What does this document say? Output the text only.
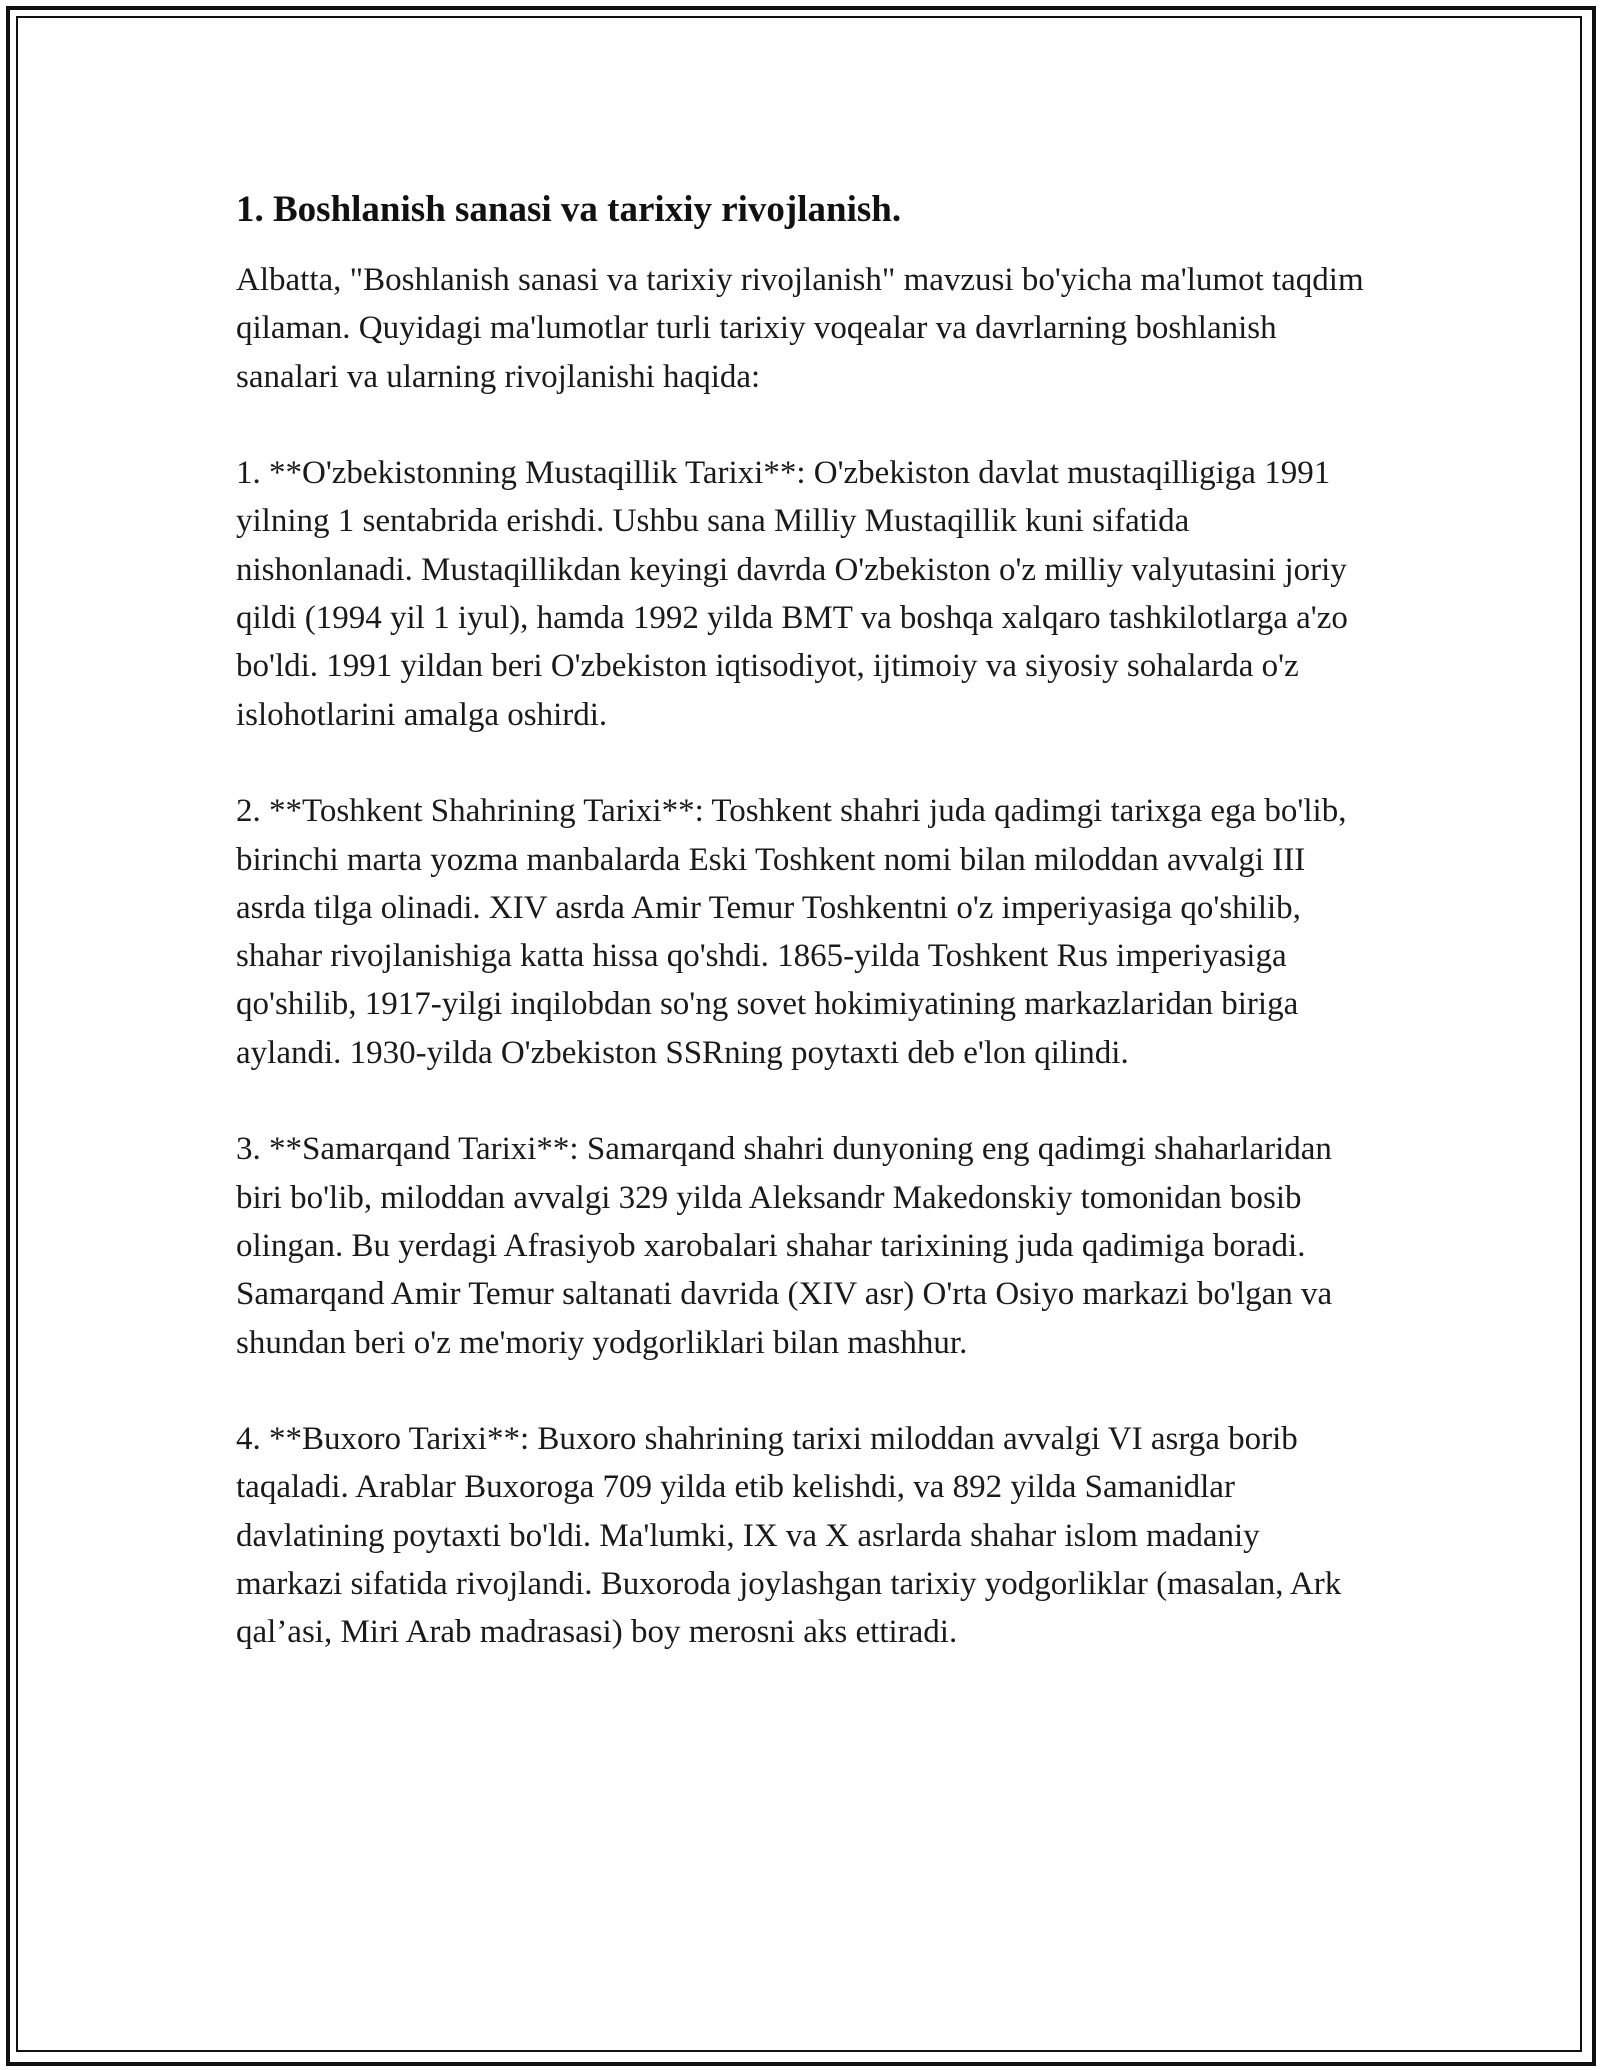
1. Boshlanish sanasi va tarixiy rivojlanish.

Albatta, "Boshlanish sanasi va tarixiy rivojlanish" mavzusi bo'yicha ma'lumot taqdim qilaman. Quyidagi ma'lumotlar turli tarixiy voqealar va davrlarning boshlanish sanalari va ularning rivojlanishi haqida:

1. **O'zbekistonning Mustaqillik Tarixi**: O'zbekiston davlat mustaqilligiga 1991 yilning 1 sentabrida erishdi. Ushbu sana Milliy Mustaqillik kuni sifatida nishonlanadi. Mustaqillikdan keyingi davrda O'zbekiston o'z milliy valyutasini joriy qildi (1994 yil 1 iyul), hamda 1992 yilda BMT va boshqa xalqaro tashkilotlarga a'zo bo'ldi. 1991 yildan beri O'zbekiston iqtisodiyot, ijtimoiy va siyosiy sohalarda o'z islohotlarini amalga oshirdi.

2. **Toshkent Shahrining Tarixi**: Toshkent shahri juda qadimgi tarixga ega bo'lib, birinchi marta yozma manbalarda Eski Toshkent nomi bilan miloddan avvalgi III asrda tilga olinadi. XIV asrda Amir Temur Toshkentni o'z imperiyasiga qo'shilib, shahar rivojlanishiga katta hissa qo'shdi. 1865-yilda Toshkent Rus imperiyasiga qo'shilib, 1917-yilgi inqilobdan so'ng sovet hokimiyatining markazlaridan biriga aylandi. 1930-yilda O'zbekiston SSRning poytaxti deb e'lon qilindi.

3. **Samarqand Tarixi**: Samarqand shahri dunyoning eng qadimgi shaharlaridan biri bo'lib, miloddan avvalgi 329 yilda Aleksandr Makedonskiy tomonidan bosib olingan. Bu yerdagi Afrasiyob xarobalari shahar tarixining juda qadimiga boradi. Samarqand Amir Temur saltanati davrida (XIV asr) O'rta Osiyo markazi bo'lgan va shundan beri o'z me'moriy yodgorliklari bilan mashhur.

4. **Buxoro Tarixi**: Buxoro shahrining tarixi miloddan avvalgi VI asrga borib taqaladi. Arablar Buxoroga 709 yilda etib kelishdi, va 892 yilda Samanidlar davlatining poytaxti bo'ldi. Ma'lumki, IX va X asrlarda shahar islom madaniy markazi sifatida rivojlandi. Buxoroda joylashgan tarixiy yodgorliklar (masalan, Ark qal’asi, Miri Arab madrasasi) boy merosni aks ettiradi.
